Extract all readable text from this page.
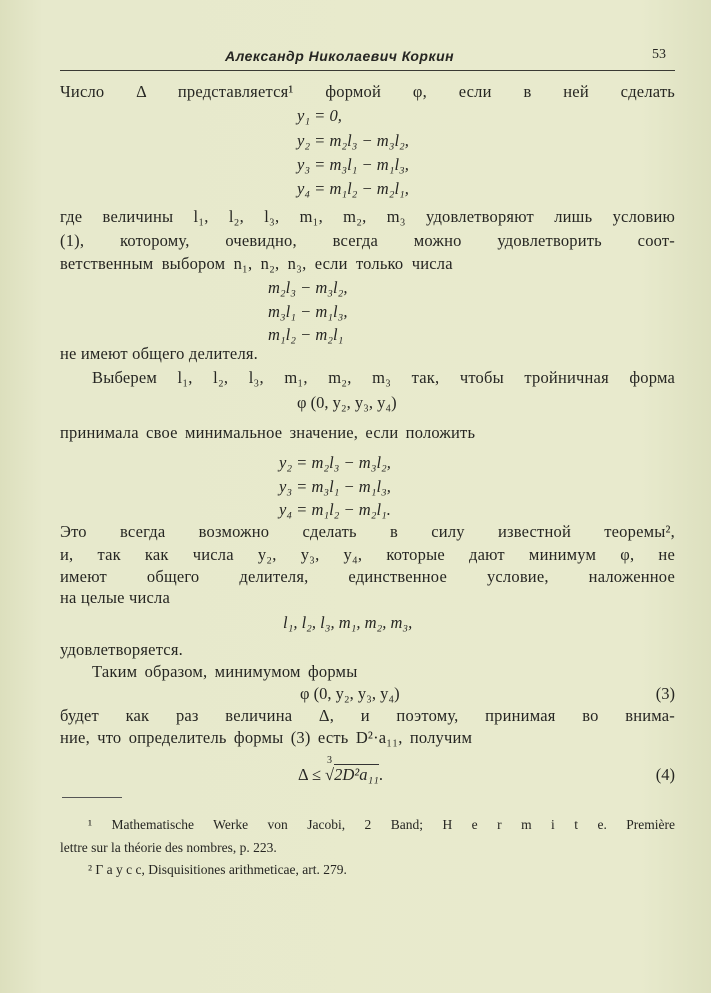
Александр Николаевич Коркин	53
Число Δ представляется¹ формой φ, если в ней сделать
y₁ = 0,
y₂ = m₂l₃ − m₃l₂,
y₃ = m₃l₁ − m₁l₃,
y₄ = m₁l₂ − m₂l₁,
где величины l₁, l₂, l₃, m₁, m₂, m₃ удовлетворяют лишь условию
(1), которому, очевидно, всегда можно удовлетворить соот-
ветственным выбором n₁, n₂, n₃, если только числа
m₂l₃ − m₃l₂,
m₃l₁ − m₁l₃,
m₁l₂ − m₂l₁
не имеют общего делителя.
Выберем l₁, l₂, l₃, m₁, m₂, m₃ так, чтобы тройничная форма
φ (0, y₂, y₃, y₄)
принимала свое минимальное значение, если положить
y₂ = m₂l₃ − m₃l₂,
y₃ = m₃l₁ − m₁l₃,
y₄ = m₁l₂ − m₂l₁.
Это всегда возможно сделать в силу известной теоремы²,
и, так как числа y₂, y₃, y₄, которые дают минимум φ, не
имеют общего делителя, единственное условие, наложенное
на целые числа
l₁, l₂, l₃, m₁, m₂, m₃,
удовлетворяется.
Таким образом, минимумом формы
φ (0, y₂, y₃, y₄)	(3)
будет как раз величина Δ, и поэтому, принимая во внима-
ние, что определитель формы (3) есть D²·a₁₁, получим
Δ ≤
3
√2D²a₁₁.	(4)
¹ Mathematische Werke von Jacobi, 2 Band; H e r m i t e. Première
lettre sur la théorie des nombres, p. 223.
² Г а у с с, Disquisitiones arithmeticae, art. 279.
